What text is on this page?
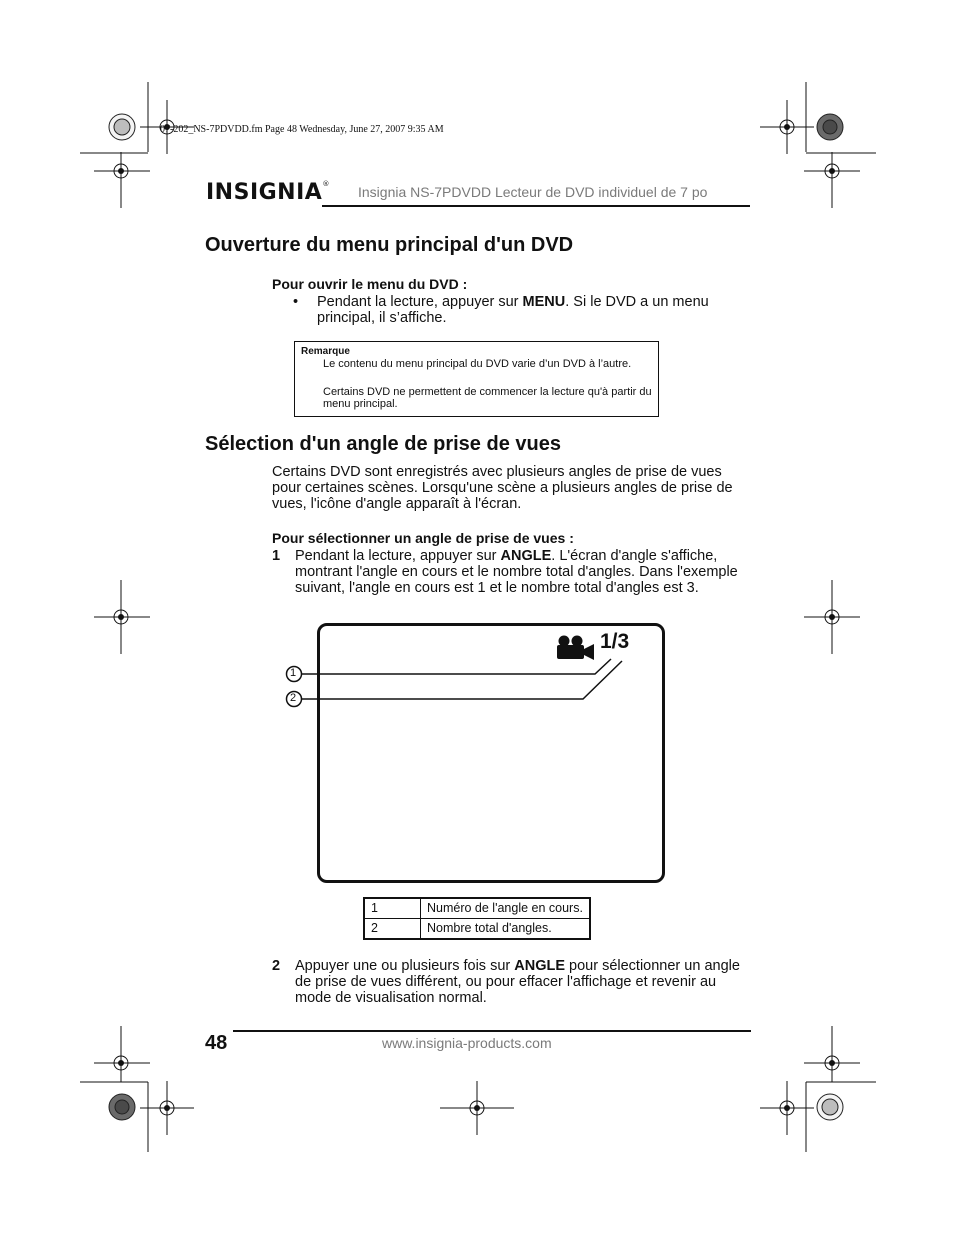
07-202_NS-7PDVDD.fm Page 48 Wednesday, June 27, 2007 9:35 AM
INSIGNIA® Insignia NS-7PDVDD Lecteur de DVD individuel de 7 po
Ouverture du menu principal d'un DVD
Pour ouvrir le menu du DVD :
• Pendant la lecture, appuyer sur MENU. Si le DVD a un menu principal, il s’affiche.
Remarque
Le contenu du menu principal du DVD varie d’un DVD à l’autre.
Certains DVD ne permettent de commencer la lecture qu'à partir du menu principal.
Sélection d'un angle de prise de vues
Certains DVD sont enregistrés avec plusieurs angles de prise de vues pour certaines scènes. Lorsqu'une scène a plusieurs angles de prise de vues, l'icône d'angle apparaît à l'écran.
Pour sélectionner un angle de prise de vues :
1 Pendant la lecture, appuyer sur ANGLE. L'écran d'angle s'affiche, montrant l'angle en cours et le nombre total d'angles. Dans l'exemple suivant, l'angle en cours est 1 et le nombre total d'angles est 3.
1/3
1
2
1	Numéro de l'angle en cours.
2	Nombre total d'angles.
2 Appuyer une ou plusieurs fois sur ANGLE pour sélectionner un angle de prise de vues différent, ou pour effacer l'affichage et revenir au mode de visualisation normal.
48	www.insignia-products.com
